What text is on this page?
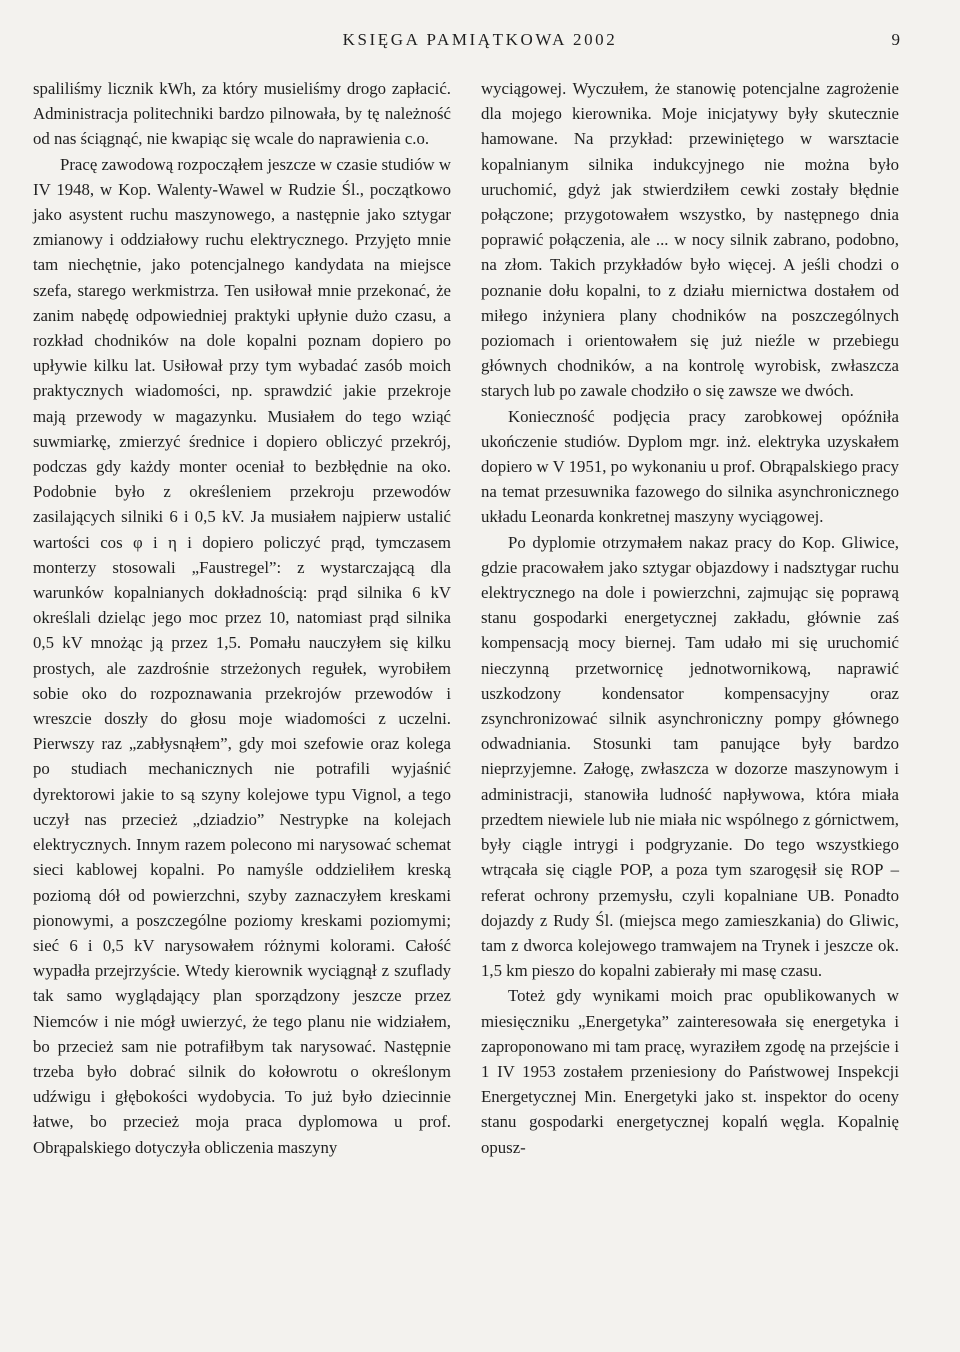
KSIĘGA PAMIĄTKOWA 2002	9

spaliliśmy licznik kWh, za który musieliśmy drogo zapłacić. Administracja politechniki bardzo pilnowała, by tę należność od nas ściągnąć, nie kwapiąc się wcale do naprawienia c.o.

Pracę zawodową rozpocząłem jeszcze w czasie studiów w IV 1948, w Kop. Walenty-Wawel w Rudzie Śl., początkowo jako asystent ruchu maszynowego, a następnie jako sztygar zmianowy i oddziałowy ruchu elektrycznego. Przyjęto mnie tam niechętnie, jako potencjalnego kandydata na miejsce szefa, starego werkmistrza. Ten usiłował mnie przekonać, że zanim nabędę odpowiedniej praktyki upłynie dużo czasu, a rozkład chodników na dole kopalni poznam dopiero po upływie kilku lat. Usiłował przy tym wybadać zasób moich praktycznych wiadomości, np. sprawdzić jakie przekroje mają przewody w magazynku. Musiałem do tego wziąć suwmiarkę, zmierzyć średnice i dopiero obliczyć przekrój, podczas gdy każdy monter oceniał to bezbłędnie na oko. Podobnie było z określeniem przekroju przewodów zasilających silniki 6 i 0,5 kV. Ja musiałem najpierw ustalić wartości cos φ i η i dopiero policzyć prąd, tymczasem monterzy stosowali „Faustregel”: z wystarczającą dla warunków kopalnianych dokładnością: prąd silnika 6 kV określali dzieląc jego moc przez 10, natomiast prąd silnika 0,5 kV mnożąc ją przez 1,5. Pomału nauczyłem się kilku prostych, ale zazdrośnie strzeżonych regułek, wyrobiłem sobie oko do rozpoznawania przekrojów przewodów i wreszcie doszły do głosu moje wiadomości z uczelni. Pierwszy raz „zabłysnąłem”, gdy moi szefowie oraz kolega po studiach mechanicznych nie potrafili wyjaśnić dyrektorowi jakie to są szyny kolejowe typu Vignol, a tego uczył nas przecież „dziadzio” Nestrypke na kolejach elektrycznych. Innym razem polecono mi narysować schemat sieci kablowej kopalni. Po namyśle oddzieliłem kreską poziomą dół od powierzchni, szyby zaznaczyłem kreskami pionowymi, a poszczególne poziomy kreskami poziomymi; sieć 6 i 0,5 kV narysowałem różnymi kolorami. Całość wypadła przejrzyście. Wtedy kierownik wyciągnął z szuflady tak samo wyglądający plan sporządzony jeszcze przez Niemców i nie mógł uwierzyć, że tego planu nie widziałem, bo przecież sam nie potrafiłbym tak narysować. Następnie trzeba było dobrać silnik do kołowrotu o określonym udźwigu i głębokości wydobycia. To już było dziecinnie łatwe, bo przecież moja praca dyplomowa u prof. Obrąpalskiego dotyczyła obliczenia maszyny

wyciągowej. Wyczułem, że stanowię potencjalne zagrożenie dla mojego kierownika. Moje inicjatywy były skutecznie hamowane. Na przykład: przewiniętego w warsztacie kopalnianym silnika indukcyjnego nie można było uruchomić, gdyż jak stwierdziłem cewki zostały błędnie połączone; przygotowałem wszystko, by następnego dnia poprawić połączenia, ale ... w nocy silnik zabrano, podobno, na złom. Takich przykładów było więcej. A jeśli chodzi o poznanie dołu kopalni, to z działu miernictwa dostałem od miłego inżyniera plany chodników na poszczególnych poziomach i orientowałem się już nieźle w przebiegu głównych chodników, a na kontrolę wyrobisk, zwłaszcza starych lub po zawale chodziło o się zawsze we dwóch.

Konieczność podjęcia pracy zarobkowej opóźniła ukończenie studiów. Dyplom mgr. inż. elektryka uzyskałem dopiero w V 1951, po wykonaniu u prof. Obrąpalskiego pracy na temat przesuwnika fazowego do silnika asynchronicznego układu Leonarda konkretnej maszyny wyciągowej.

Po dyplomie otrzymałem nakaz pracy do Kop. Gliwice, gdzie pracowałem jako sztygar objazdowy i nadsztygar ruchu elektrycznego na dole i powierzchni, zajmując się poprawą stanu gospodarki energetycznej zakładu, głównie zaś kompensacją mocy biernej. Tam udało mi się uruchomić nieczynną przetwornicę jednotwornikową, naprawić uszkodzony kondensator kompensacyjny oraz zsynchronizować silnik asynchroniczny pompy głównego odwadniania. Stosunki tam panujące były bardzo nieprzyjemne. Załogę, zwłaszcza w dozorze maszynowym i administracji, stanowiła ludność napływowa, która miała przedtem niewiele lub nie miała nic wspólnego z górnictwem, były ciągle intrygi i podgryzanie. Do tego wszystkiego wtrącała się ciągle POP, a poza tym szarogęsił się ROP – referat ochrony przemysłu, czyli kopalniane UB. Ponadto dojazdy z Rudy Śl. (miejsca mego zamieszkania) do Gliwic, tam z dworca kolejowego tramwajem na Trynek i jeszcze ok. 1,5 km pieszo do kopalni zabierały mi masę czasu.

Toteż gdy wynikami moich prac opublikowanych w miesięczniku „Energetyka” zainteresowała się energetyka i zaproponowano mi tam pracę, wyraziłem zgodę na przejście i 1 IV 1953 zostałem przeniesiony do Państwowej Inspekcji Energetycznej Min. Energetyki jako st. inspektor do oceny stanu gospodarki energetycznej kopalń węgla. Kopalnię opusz-
